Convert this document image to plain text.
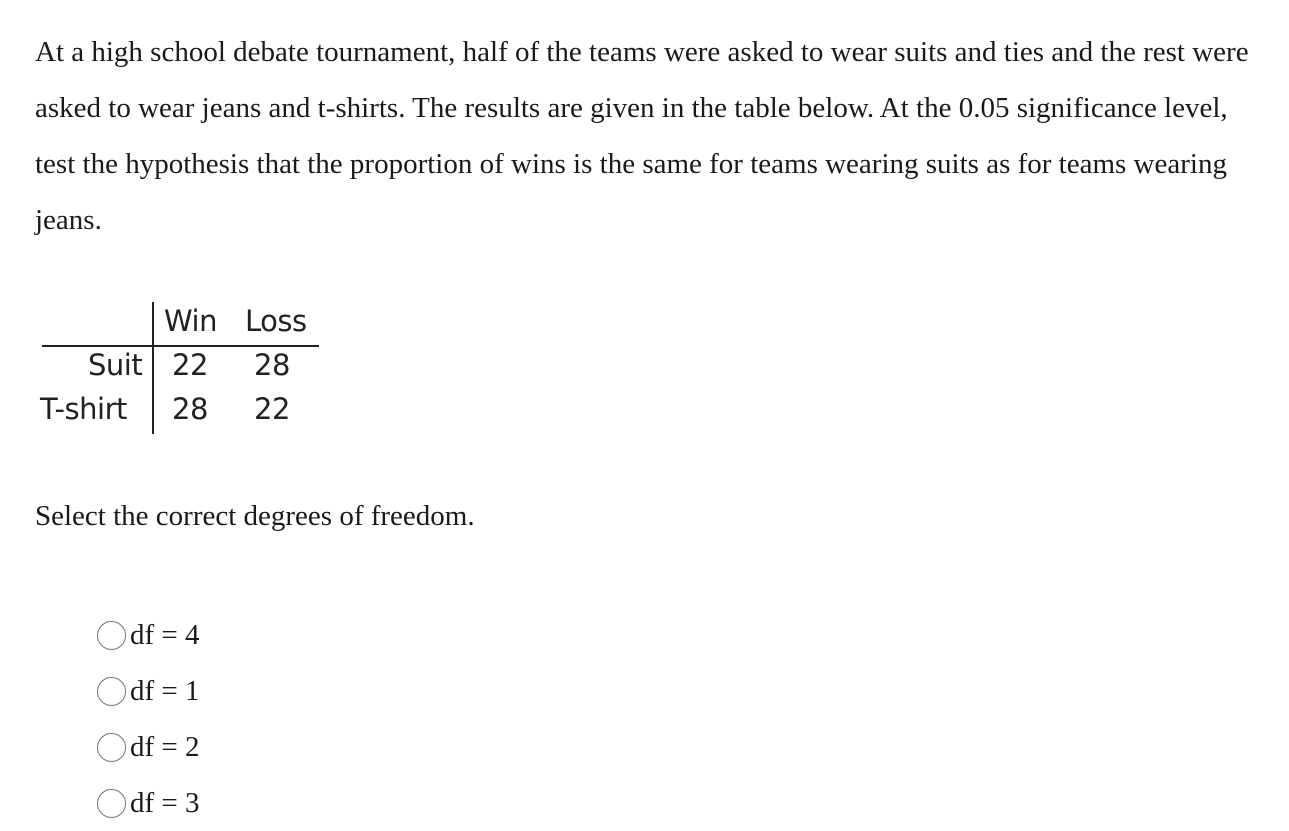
At a high school debate tournament, half of the teams were asked to wear suits and ties and the rest were asked to wear jeans and t-shirts. The results are given in the table below. At the 0.05 significance level, test the hypothesis that the proportion of wins is the same for teams wearing suits as for teams wearing jeans.

Win Loss
Suit 22 28
T-shirt 28 22

Select the correct degrees of freedom.

df = 4
df = 1
df = 2
df = 3
